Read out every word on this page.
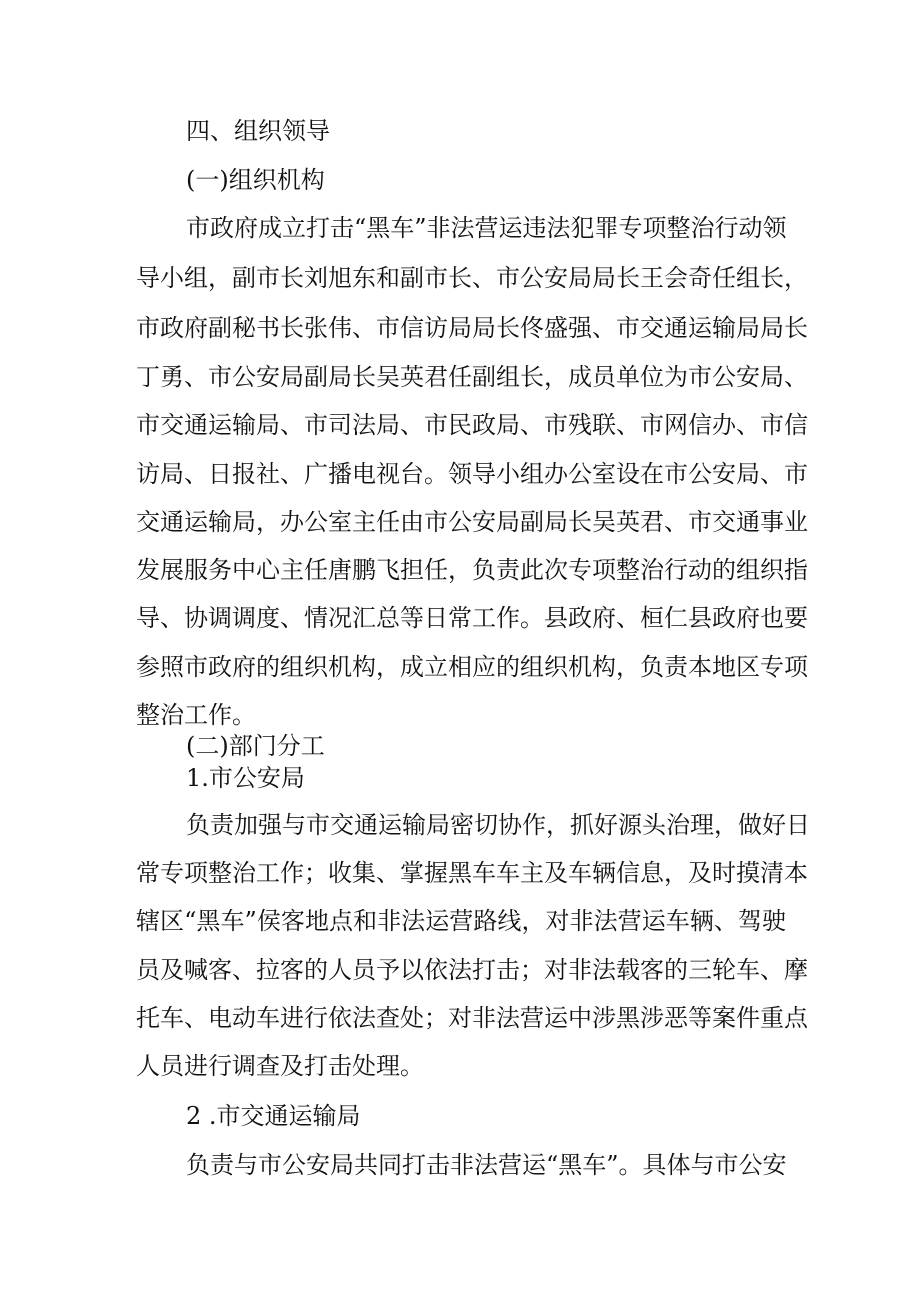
四、组织领导
(一)组织机构
市政府成立打击“黑车”非法营运违法犯罪专项整治行动领
导小组，副市长刘旭东和副市长、市公安局局长王会奇任组长，
市政府副秘书长张伟、市信访局局长佟盛强、市交通运输局局长
丁勇、市公安局副局长吴英君任副组长，成员单位为市公安局、
市交通运输局、市司法局、市民政局、市残联、市网信办、市信
访局、日报社、广播电视台。领导小组办公室设在市公安局、市
交通运输局，办公室主任由市公安局副局长吴英君、市交通事业
发展服务中心主任唐鹏飞担任，负责此次专项整治行动的组织指
导、协调调度、情况汇总等日常工作。县政府、桓仁县政府也要
参照市政府的组织机构，成立相应的组织机构，负责本地区专项
整治工作。
(二)部门分工
1.市公安局
负责加强与市交通运输局密切协作，抓好源头治理，做好日
常专项整治工作；收集、掌握黑车车主及车辆信息，及时摸清本
辖区“黑车”侯客地点和非法运营路线，对非法营运车辆、驾驶
员及喊客、拉客的人员予以依法打击；对非法载客的三轮车、摩
托车、电动车进行依法查处；对非法营运中涉黑涉恶等案件重点
人员进行调查及打击处理。
2 .市交通运输局
负责与市公安局共同打击非法营运“黑车”。具体与市公安
